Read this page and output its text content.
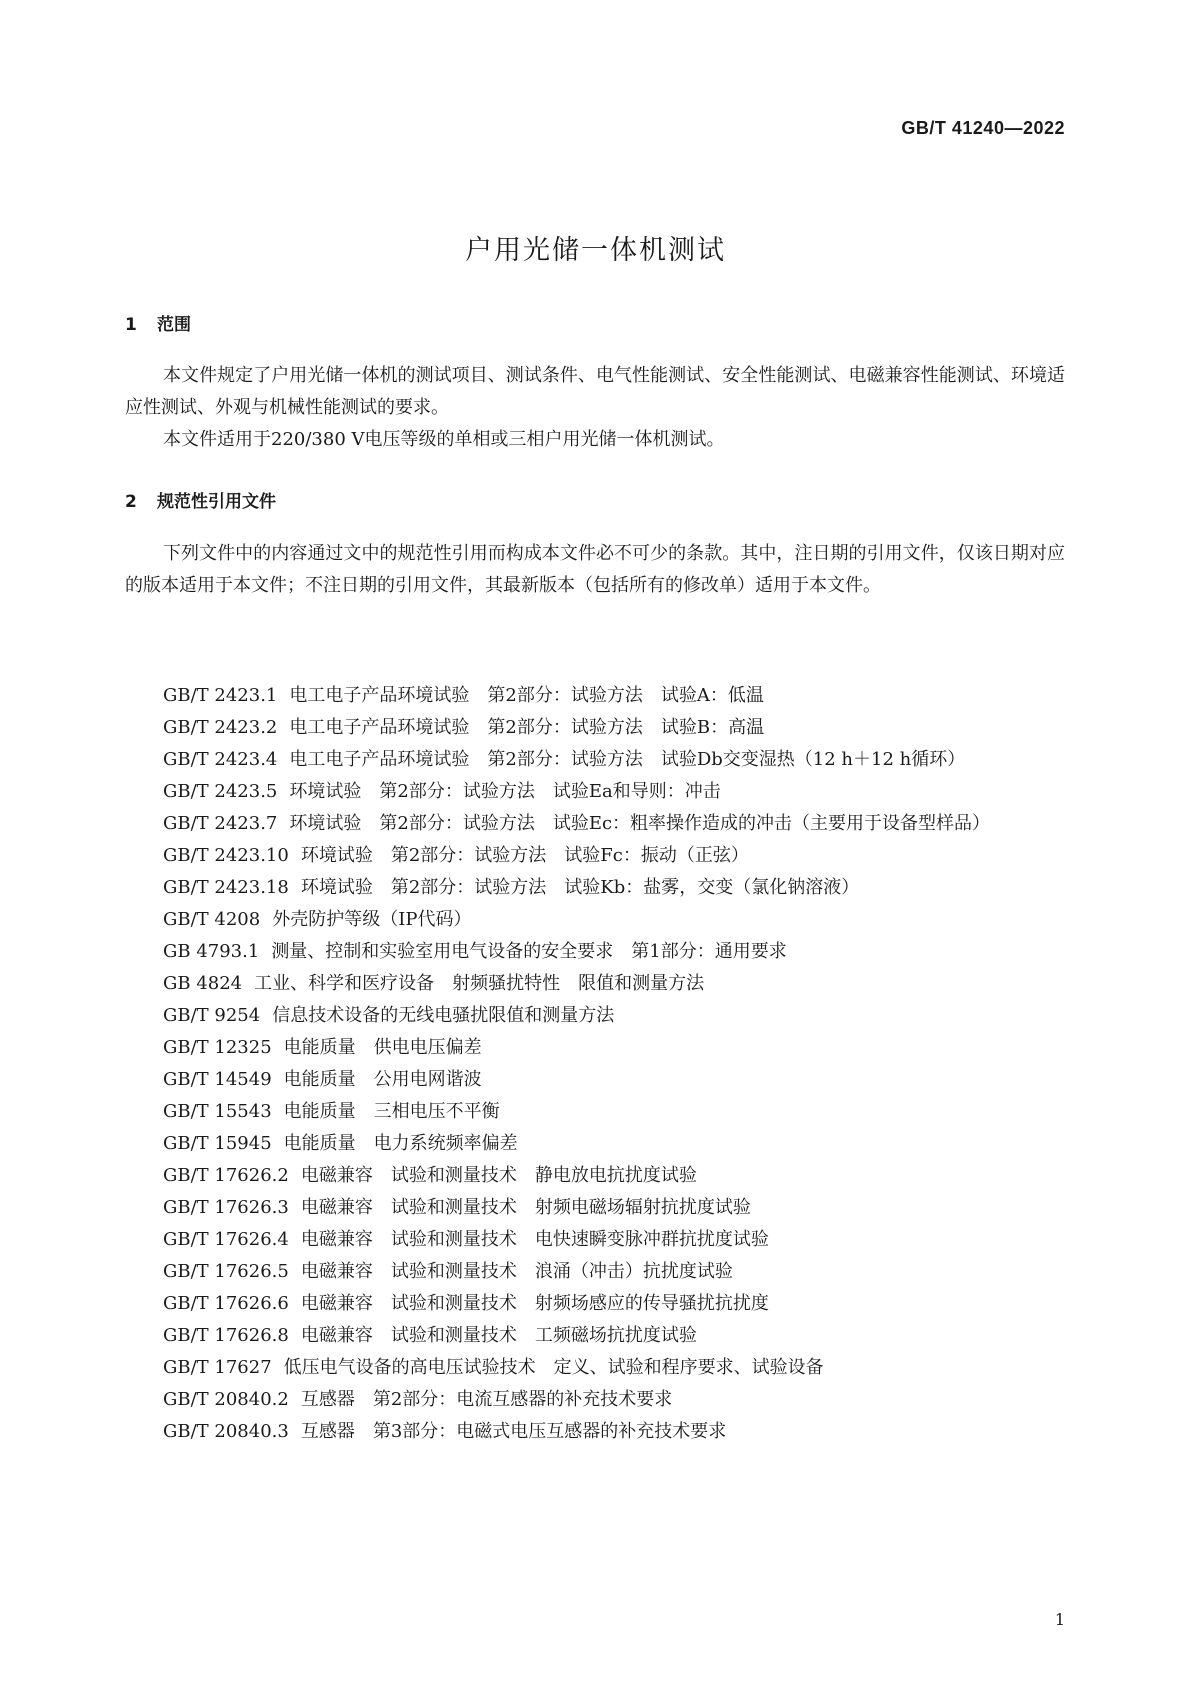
GB/T 41240—2022
户用光储一体机测试
1 范围

本文件规定了户用光储一体机的测试项目、测试条件、电气性能测试、安全性能测试、电磁兼容性能测试、环境适应性测试、外观与机械性能测试的要求。

本文件适用于220/380 V电压等级的单相或三相户用光储一体机测试。

2 规范性引用文件

下列文件中的内容通过文中的规范性引用而构成本文件必不可少的条款。其中，注日期的引用文件，仅该日期对应的版本适用于本文件；不注日期的引用文件，其最新版本（包括所有的修改单）适用于本文件。

GB/T 2423.1 电工电子产品环境试验　第2部分：试验方法　试验A：低温
GB/T 2423.2 电工电子产品环境试验　第2部分：试验方法　试验B：高温
GB/T 2423.4 电工电子产品环境试验　第2部分：试验方法　试验Db交变湿热（12 h＋12 h循环）
GB/T 2423.5 环境试验　第2部分：试验方法　试验Ea和导则：冲击
GB/T 2423.7 环境试验　第2部分：试验方法　试验Ec：粗率操作造成的冲击（主要用于设备型样品）
GB/T 2423.10 环境试验　第2部分：试验方法　试验Fc：振动（正弦）
GB/T 2423.18 环境试验　第2部分：试验方法　试验Kb：盐雾，交变（氯化钠溶液）
GB/T 4208 外壳防护等级（IP代码）
GB 4793.1 测量、控制和实验室用电气设备的安全要求　第1部分：通用要求
GB 4824 工业、科学和医疗设备　射频骚扰特性　限值和测量方法
GB/T 9254 信息技术设备的无线电骚扰限值和测量方法
GB/T 12325 电能质量　供电电压偏差
GB/T 14549 电能质量　公用电网谐波
GB/T 15543 电能质量　三相电压不平衡
GB/T 15945 电能质量　电力系统频率偏差
GB/T 17626.2 电磁兼容　试验和测量技术　静电放电抗扰度试验
GB/T 17626.3 电磁兼容　试验和测量技术　射频电磁场辐射抗扰度试验
GB/T 17626.4 电磁兼容　试验和测量技术　电快速瞬变脉冲群抗扰度试验
GB/T 17626.5 电磁兼容　试验和测量技术　浪涌（冲击）抗扰度试验
GB/T 17626.6 电磁兼容　试验和测量技术　射频场感应的传导骚扰抗扰度
GB/T 17626.8 电磁兼容　试验和测量技术　工频磁场抗扰度试验
GB/T 17627 低压电气设备的高电压试验技术　定义、试验和程序要求、试验设备
GB/T 20840.2 互感器　第2部分：电流互感器的补充技术要求
GB/T 20840.3 互感器　第3部分：电磁式电压互感器的补充技术要求
1
